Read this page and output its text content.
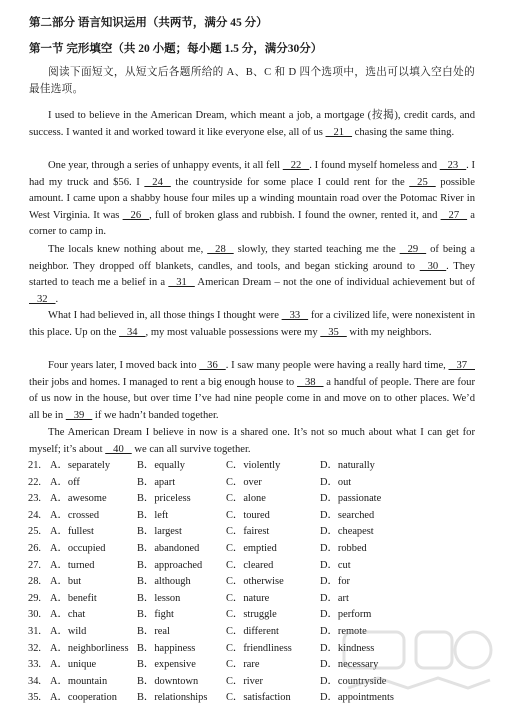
第二部分 语言知识运用（共两节，满分 45 分）
第一节 完形填空（共 20 小题；每小题 1.5 分，满分30分）
阅读下面短文，从短文后各题所给的 A、B、C 和 D 四个选项中，选出可以填入空白处的最佳选项。
I used to believe in the American Dream, which meant a job, a mortgage (按揭), credit cards, and success. I wanted it and worked toward it like everyone else, all of us    21    chasing the same thing.
One year, through a series of unhappy events, it all fell    22   . I found myself homeless and    23   . I had my truck and $56. I    24    the countryside for some place I could rent for the    25    possible amount. I came upon a shabby house four miles up a winding mountain road over the Potomac River in West Virginia. It was    26   , full of broken glass and rubbish. I found the owner, rented it, and    27    a corner to camp in.
The locals knew nothing about me,    28    slowly, they started teaching me the    29    of being a neighbor. They dropped off blankets, candles, and tools, and began sticking around to    30   . They started to teach me a belief in a    31    American Dream – not the one of individual achievement but of    32   .
What I had believed in, all those things I thought were    33    for a civilized life, were nonexistent in this place. Up on the    34   , my most valuable possessions were my    35    with my neighbors.
Four years later, I moved back into    36   . I saw many people were having a really hard time,    37    their jobs and homes. I managed to rent a big enough house to    38    a handful of people. There are four of us now in the house, but over time I’ve had nine people come in and move on to other places. We’d all be in    39    if we hadn’t banded together.
The American Dream I believe in now is a shared one. It’s not so much about what I can get for myself; it’s about    40    we can all survive together.
21. A．separately	B．equally	C．violently	D．naturally
22. A．off	B．apart	C．over	D．out
23. A．awesome	B．priceless	C．alone	D．passionate
24. A．crossed	B．left	C．toured	D．searched
25. A．fullest	B．largest	C．fairest	D．cheapest
26. A．occupied	B．abandoned	C．emptied	D．robbed
27. A．turned	B．approached C．cleared	D．cut
28. A．but	B．although	C．otherwise	D．for
29. A．benefit	B．lesson	C．nature	D．art
30. A．chat	B．fight	C．struggle	D．perform
31. A．wild	B．real	C．different	D．remote
32. A．neighborliness B．happiness	C．friendliness	D．kindness
33. A．unique	B．expensive	C．rare	D．necessary
34. A．mountain	B．downtown	C．river	D．countryside
35. A．cooperation B．relationships C．satisfaction	D．appointments
